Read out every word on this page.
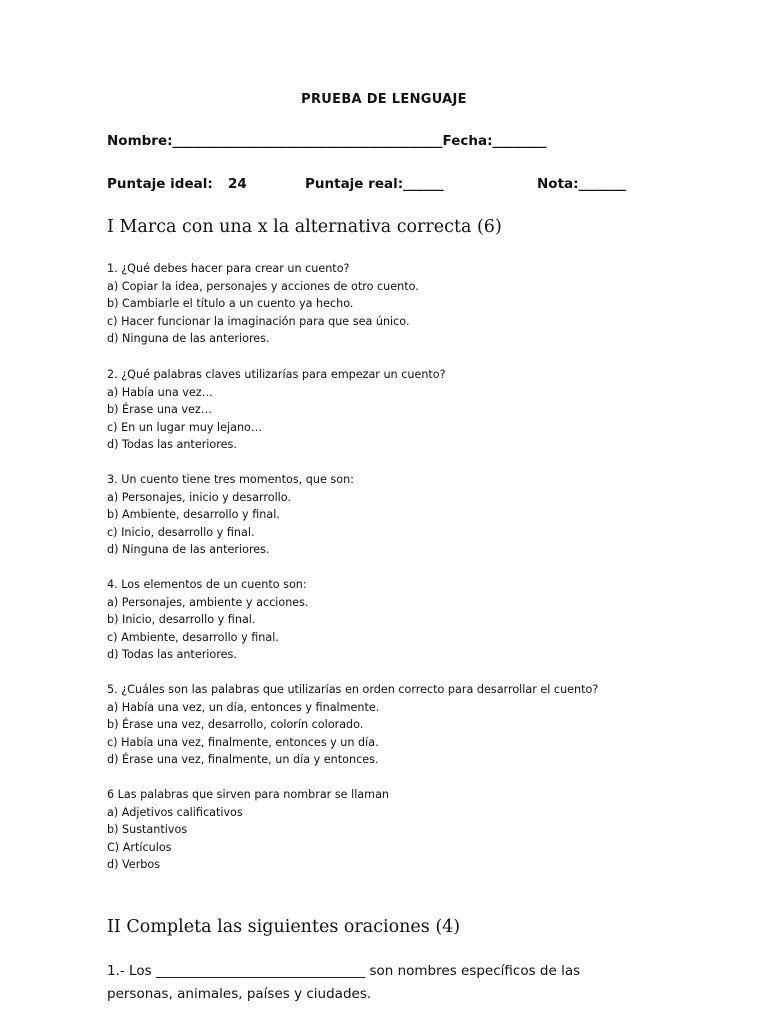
PRUEBA DE LENGUAJE
Nombre:________________________________________Fecha:________
Puntaje ideal: 24	Puntaje real:______	Nota:_______
I Marca con una x la alternativa correcta (6)
1. ¿Qué debes hacer para crear un cuento?
a) Copiar la idea, personajes y acciones de otro cuento.
b) Cambiarle el título a un cuento ya hecho.
c) Hacer funcionar la imaginación para que sea único.
d) Ninguna de las anteriores.
2. ¿Qué palabras claves utilizarías para empezar un cuento?
a) Había una vez…
b) Érase una vez…
c) En un lugar muy lejano…
d) Todas las anteriores.
3. Un cuento tiene tres momentos, que son:
a) Personajes, inicio y desarrollo.
b) Ambiente, desarrollo y final.
c) Inicio, desarrollo y final.
d) Ninguna de las anteriores.
4. Los elementos de un cuento son:
a) Personajes, ambiente y acciones.
b) Inicio, desarrollo y final.
c) Ambiente, desarrollo y final.
d) Todas las anteriores.
5. ¿Cuáles son las palabras que utilizarías en orden correcto para desarrollar el cuento?
a) Había una vez, un día, entonces y finalmente.
b) Érase una vez, desarrollo, colorín colorado.
c) Había una vez, finalmente, entonces y un día.
d) Érase una vez, finalmente, un día y entonces.
6 Las palabras que sirven para nombrar se llaman
a) Adjetivos calificativos
b) Sustantivos
C) Artículos
d) Verbos
II Completa las siguientes oraciones (4)
1.- Los _______________________________ son nombres específicos de las
personas, animales, países y ciudades.
